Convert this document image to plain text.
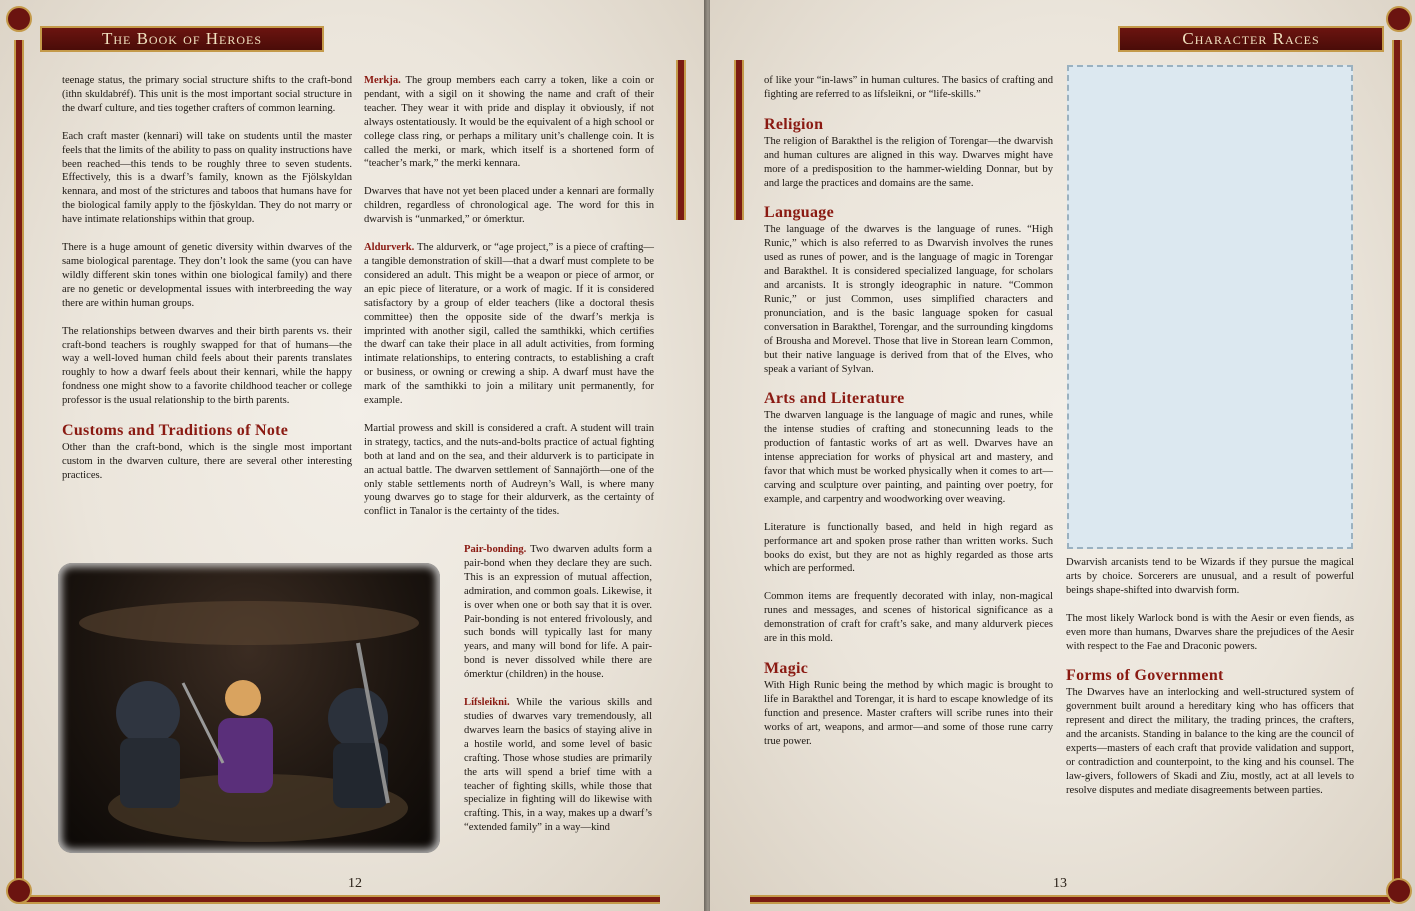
The Book of Heroes

teenage status, the primary social structure shifts to the craft-bond (ithn skuldabréf). This unit is the most important social structure in the dwarf culture, and ties together crafters of common learning.

Each craft master (kennari) will take on students until the master feels that the limits of the ability to pass on quality instructions have been reached—this tends to be roughly three to seven students. Effectively, this is a dwarf’s family, known as the Fjölskyldan kennara, and most of the strictures and taboos that humans have for the biological family apply to the fjöskyldan. They do not marry or have intimate relationships within that group.

There is a huge amount of genetic diversity within dwarves of the same biological parentage. They don’t look the same (you can have wildly different skin tones within one biological family) and there are no genetic or developmental issues with interbreeding the way there are within human groups.

The relationships between dwarves and their birth parents vs. their craft-bond teachers is roughly swapped for that of humans—the way a well-loved human child feels about their parents translates roughly to how a dwarf feels about their kennari, while the happy fondness one might show to a favorite childhood teacher or college professor is the usual relationship to the birth parents.

Customs and Traditions of Note

Other than the craft-bond, which is the single most important custom in the dwarven culture, there are several other interesting practices.

Merkja. The group members each carry a token, like a coin or pendant, with a sigil on it showing the name and craft of their teacher. They wear it with pride and display it obviously, if not always ostentatiously. It would be the equivalent of a high school or college class ring, or perhaps a military unit’s challenge coin. It is called the merki, or mark, which itself is a shortened form of “teacher’s mark,” the merki kennara.

Dwarves that have not yet been placed under a kennari are formally children, regardless of chronological age. The word for this in dwarvish is “unmarked,” or ómerktur.

Aldurverk. The aldurverk, or “age project,” is a piece of crafting—a tangible demonstration of skill—that a dwarf must complete to be considered an adult. This might be a weapon or piece of armor, or an epic piece of literature, or a work of magic. If it is considered satisfactory by a group of elder teachers (like a doctoral thesis committee) then the opposite side of the dwarf’s merkja is imprinted with another sigil, called the samthikki, which certifies the dwarf can take their place in all adult activities, from forming intimate relationships, to entering contracts, to establishing a craft or business, or owning or crewing a ship. A dwarf must have the mark of the samthikki to join a military unit permanently, for example.

Martial prowess and skill is considered a craft. A student will train in strategy, tactics, and the nuts-and-bolts practice of actual fighting both at land and on the sea, and their aldurverk is to participate in an actual battle. The dwarven settlement of Sannajörth—one of the only stable settlements north of Audreyn’s Wall, is where many young dwarves go to stage for their aldurverk, as the certainty of conflict in Tanalor is the certainty of the tides.

Pair-bonding. Two dwarven adults form a pair-bond when they declare they are such. This is an expression of mutual affection, admiration, and common goals. Likewise, it is over when one or both say that it is over. Pair-bonding is not entered frivolously, and such bonds will typically last for many years, and many will bond for life. A pair-bond is never dissolved while there are ómerktur (children) in the house.

Lífsleikni. While the various skills and studies of dwarves vary tremendously, all dwarves learn the basics of staying alive in a hostile world, and some level of basic crafting. Those whose studies are primarily the arts will spend a brief time with a teacher of fighting skills, while those that specialize in fighting will do likewise with crafting. This, in a way, makes up a dwarf’s “extended family” in a way—kind

12
Character Races

of like your “in-laws” in human cultures. The basics of crafting and fighting are referred to as lífsleikni, or “life-skills.”

Religion

The religion of Barakthel is the religion of Torengar—the dwarvish and human cultures are aligned in this way. Dwarves might have more of a predisposition to the hammer-wielding Donnar, but by and large the practices and domains are the same.

Language

The language of the dwarves is the language of runes. “High Runic,” which is also referred to as Dwarvish involves the runes used as runes of power, and is the language of magic in Torengar and Barakthel. It is considered specialized language, for scholars and arcanists. It is strongly ideographic in nature. “Common Runic,” or just Common, uses simplified characters and pronunciation, and is the basic language spoken for casual conversation in Barakthel, Torengar, and the surrounding kingdoms of Brousha and Morevel. Those that live in Storean learn Common, but their native language is derived from that of the Elves, who speak a variant of Sylvan.

Arts and Literature

The dwarven language is the language of magic and runes, while the intense studies of crafting and stonecunning leads to the production of fantastic works of art as well. Dwarves have an intense appreciation for works of physical art and mastery, and favor that which must be worked physically when it comes to art—carving and sculpture over painting, and painting over poetry, for example, and carpentry and woodworking over weaving.

Literature is functionally based, and held in high regard as performance art and spoken prose rather than written works. Such books do exist, but they are not as highly regarded as those arts which are performed.

Common items are frequently decorated with inlay, non-magical runes and messages, and scenes of historical significance as a demonstration of craft for craft’s sake, and many aldurverk pieces are in this mold.

Magic

With High Runic being the method by which magic is brought to life in Barakthel and Torengar, it is hard to escape knowledge of its function and presence. Master crafters will scribe runes into their works of art, weapons, and armor—and some of those rune carry true power.

Dwarvish arcanists tend to be Wizards if they pursue the magical arts by choice. Sorcerers are unusual, and a result of powerful beings shape-shifted into dwarvish form.

The most likely Warlock bond is with the Aesir or even fiends, as even more than humans, Dwarves share the prejudices of the Aesir with respect to the Fae and Draconic powers.

Forms of Government

The Dwarves have an interlocking and well-structured system of government built around a hereditary king who has officers that represent and direct the military, the trading princes, the crafters, and the arcanists. Standing in balance to the king are the council of experts—masters of each craft that provide validation and support, or contradiction and counterpoint, to the king and his counsel. The law-givers, followers of Skadi and Ziu, mostly, act at all levels to resolve disputes and mediate disagreements between parties.

13
